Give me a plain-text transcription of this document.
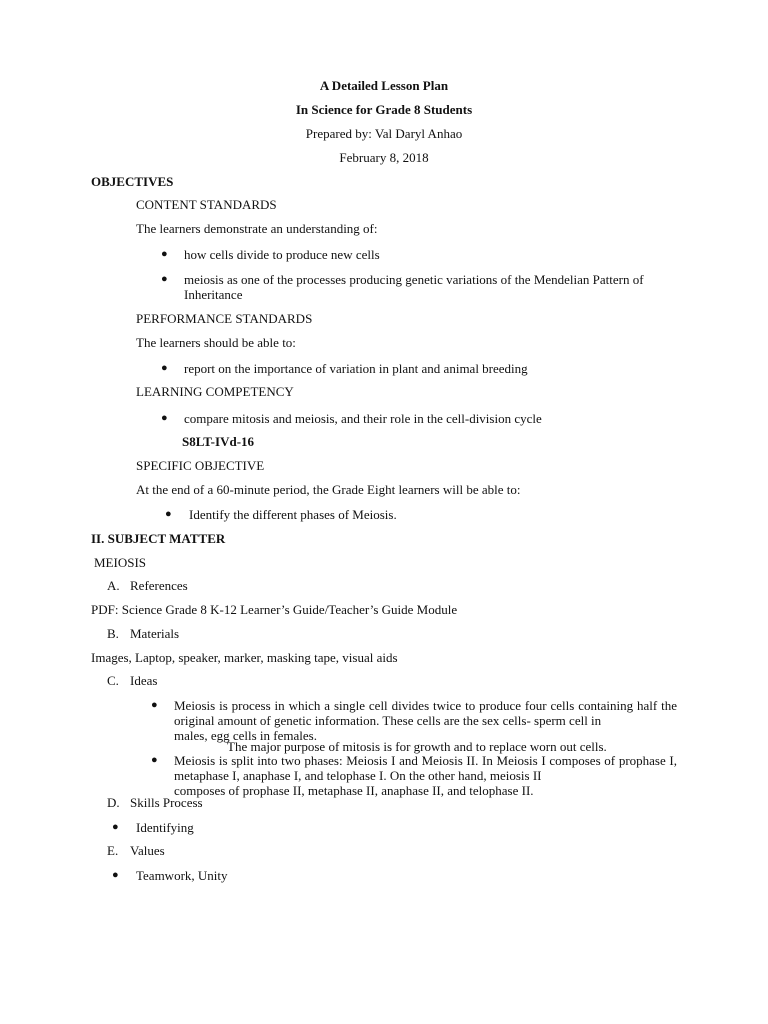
A Detailed Lesson Plan
In Science for Grade 8 Students
Prepared by: Val Daryl Anhao
February 8, 2018
OBJECTIVES
CONTENT STANDARDS
The learners demonstrate an understanding of:
● how cells divide to produce new cells
● meiosis as one of the processes producing genetic variations of the Mendelian Pattern of
Inheritance
PERFORMANCE STANDARDS
The learners should be able to:
● report on the importance of variation in plant and animal breeding
LEARNING COMPETENCY
● compare mitosis and meiosis, and their role in the cell-division cycle
S8LT-IVd-16
SPECIFIC OBJECTIVE
At the end of a 60-minute period, the Grade Eight learners will be able to:
● Identify the different phases of Meiosis.
II. SUBJECT MATTER
MEIOSIS
A. References
PDF: Science Grade 8 K-12 Learner’s Guide/Teacher’s Guide Module
B. Materials
Images, Laptop, speaker, marker, masking tape, visual aids
C. Ideas
● Meiosis is process in which a single cell divides twice to produce four cells containing half the original amount of genetic information. These cells are the sex cells- sperm cell in
males, egg cells in females.
The major purpose of mitosis is for growth and to replace worn out cells.
● Meiosis is split into two phases: Meiosis I and Meiosis II. In Meiosis I composes of prophase I, metaphase I, anaphase I, and telophase I. On the other hand, meiosis II
composes of prophase II, metaphase II, anaphase II, and telophase II.
D. Skills Process
● Identifying
E. Values
● Teamwork, Unity
